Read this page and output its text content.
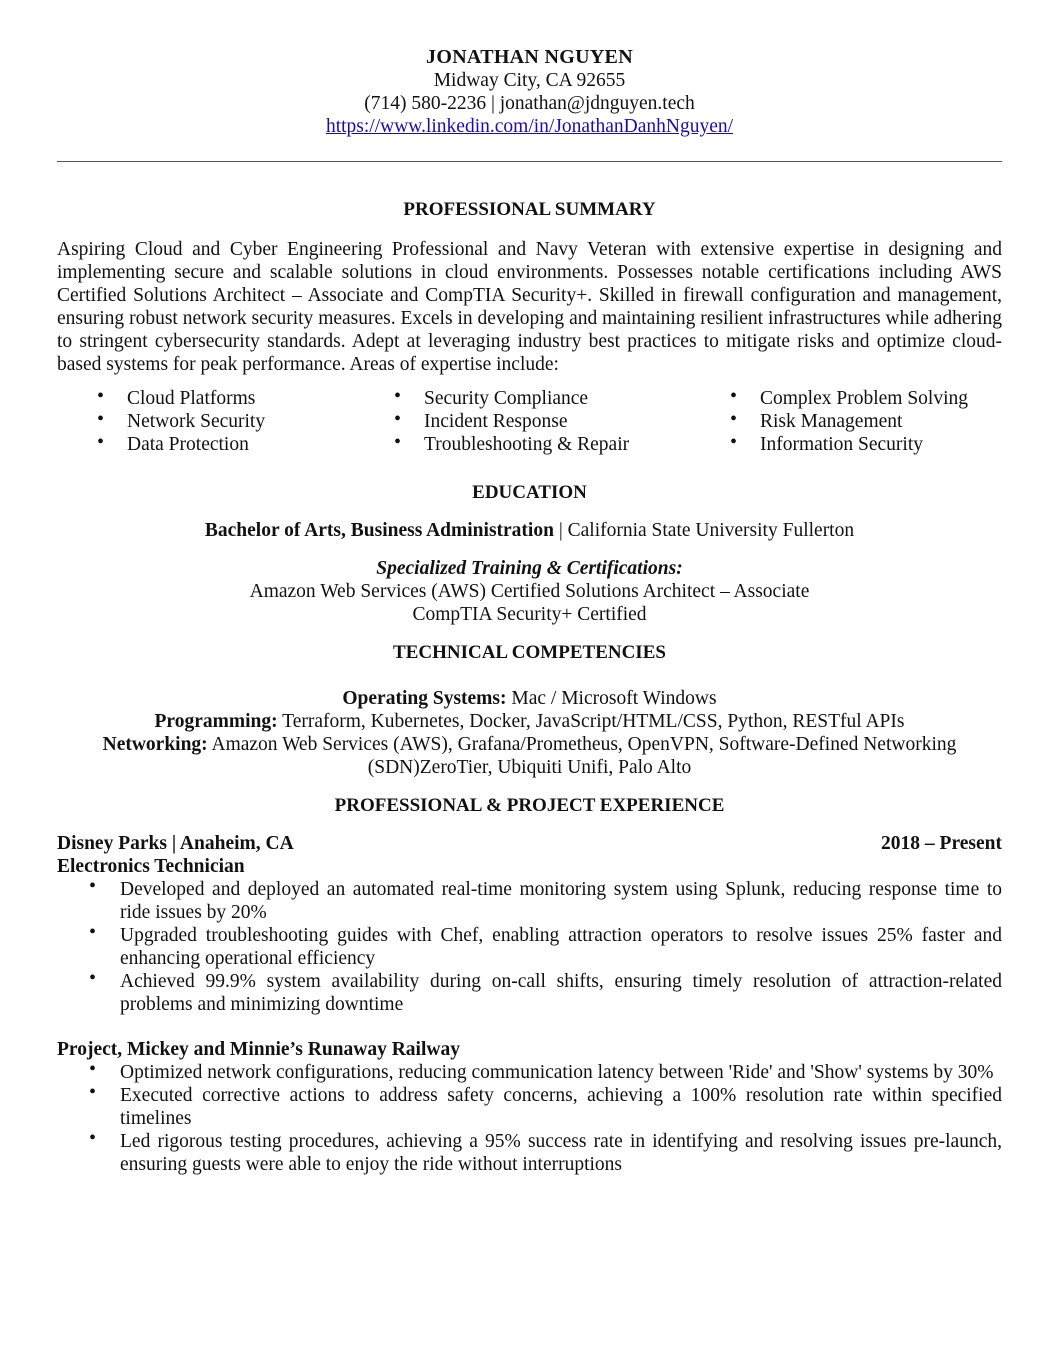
JONATHAN NGUYEN
Midway City, CA 92655
(714) 580-2236 | jonathan@jdnguyen.tech
https://www.linkedin.com/in/JonathanDanhNguyen/
PROFESSIONAL SUMMARY
Aspiring Cloud and Cyber Engineering Professional and Navy Veteran with extensive expertise in designing and implementing secure and scalable solutions in cloud environments. Possesses notable certifications including AWS Certified Solutions Architect – Associate and CompTIA Security+. Skilled in firewall configuration and management, ensuring robust network security measures. Excels in developing and maintaining resilient infrastructures while adhering to stringent cybersecurity standards. Adept at leveraging industry best practices to mitigate risks and optimize cloud-based systems for peak performance. Areas of expertise include:
• Cloud Platforms
• Network Security
• Data Protection
• Security Compliance
• Incident Response
• Troubleshooting & Repair
• Complex Problem Solving
• Risk Management
• Information Security
EDUCATION
Bachelor of Arts, Business Administration | California State University Fullerton
Specialized Training & Certifications:
Amazon Web Services (AWS) Certified Solutions Architect – Associate
CompTIA Security+ Certified
TECHNICAL COMPETENCIES
Operating Systems: Mac / Microsoft Windows
Programming: Terraform, Kubernetes, Docker, JavaScript/HTML/CSS, Python, RESTful APIs
Networking: Amazon Web Services (AWS), Grafana/Prometheus, OpenVPN, Software-Defined Networking (SDN)ZeroTier, Ubiquiti Unifi, Palo Alto
PROFESSIONAL & PROJECT EXPERIENCE
Disney Parks | Anaheim, CA	2018 – Present
Electronics Technician
• Developed and deployed an automated real-time monitoring system using Splunk, reducing response time to ride issues by 20%
• Upgraded troubleshooting guides with Chef, enabling attraction operators to resolve issues 25% faster and enhancing operational efficiency
• Achieved 99.9% system availability during on-call shifts, ensuring timely resolution of attraction-related problems and minimizing downtime
Project, Mickey and Minnie’s Runaway Railway
• Optimized network configurations, reducing communication latency between 'Ride' and 'Show' systems by 30%
• Executed corrective actions to address safety concerns, achieving a 100% resolution rate within specified timelines
• Led rigorous testing procedures, achieving a 95% success rate in identifying and resolving issues pre-launch, ensuring guests were able to enjoy the ride without interruptions
